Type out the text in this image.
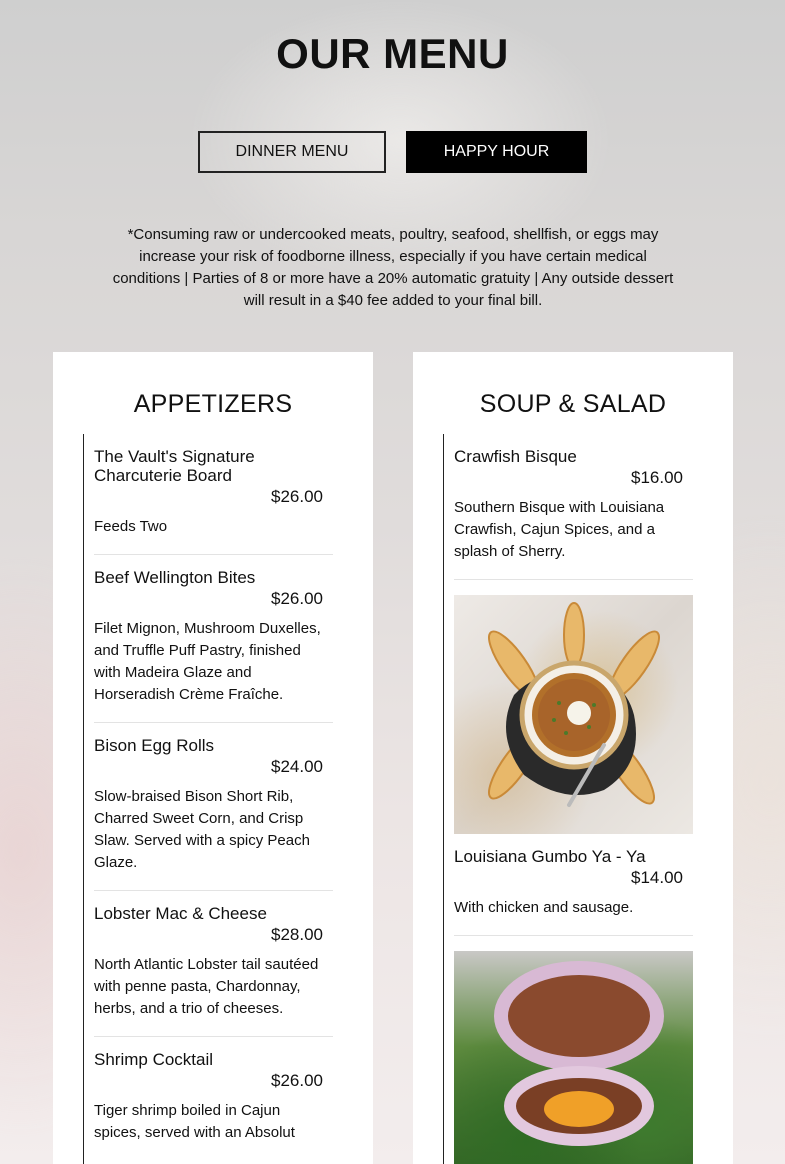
OUR MENU
DINNER MENU	HAPPY HOUR
*Consuming raw or undercooked meats, poultry, seafood, shellfish, or eggs may increase your risk of foodborne illness, especially if you have certain medical conditions | Parties of 8 or more have a 20% automatic gratuity | Any outside dessert will result in a $40 fee added to your final bill.
APPETIZERS
The Vault's Signature Charcuterie Board
$26.00
Feeds Two
Beef Wellington Bites
$26.00
Filet Mignon, Mushroom Duxelles, and Truffle Puff Pastry, finished with Madeira Glaze and Horseradish Crème Fraîche.
Bison Egg Rolls
$24.00
Slow-braised Bison Short Rib, Charred Sweet Corn, and Crisp Slaw. Served with a spicy Peach Glaze.
Lobster Mac & Cheese
$28.00
North Atlantic Lobster tail sautéed with penne pasta, Chardonnay, herbs, and a trio of cheeses.
Shrimp Cocktail
$26.00
Tiger shrimp boiled in Cajun spices, served with an Absolut
SOUP & SALAD
Crawfish Bisque
$16.00
Southern Bisque with Louisiana Crawfish, Cajun Spices, and a splash of Sherry.
Louisiana Gumbo Ya - Ya
$14.00
With chicken and sausage.
